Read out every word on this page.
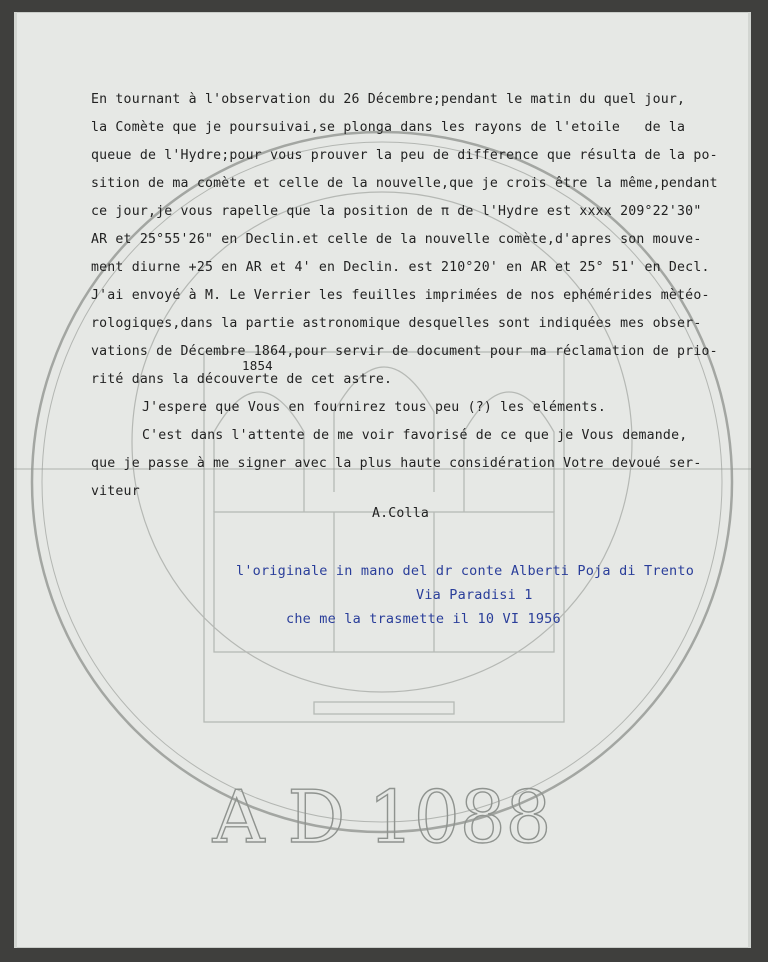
A D 1088
En tournant à l'observation du 26 Décembre;pendant le matin du quel jour,
la Comète que je poursuivai,se plonga dans les rayons de l'etoile   de la
queue de l'Hydre;pour vous prouver la peu de difference que résulta de la po-
sition de ma comète et celle de la nouvelle,que je crois être la même,pendant
ce jour,je vous rapelle que la position de π de l'Hydre est xxxx 209°22'30"
AR et 25°55'26" en Declin.et celle de la nouvelle comète,d'apres son mouve-
ment diurne +25 en AR et 4' en Declin. est 210°20' en AR et 25° 51' en Decl.
J'ai envoyé à M. Le Verrier les feuilles imprimées de nos ephémérides mètéo-
rologiques,dans la partie astronomique desquelles sont indiquées mes obser-
vations de Décembre 1864,pour servir de document pour ma réclamation de prio-
1854
rité dans la découverte de cet astre.
J'espere que Vous en fournirez tous peu (?) les eléments.
C'est dans l'attente de me voir favorisé de ce que je Vous demande,
que je passe à me signer avec la plus haute considération Votre devoué ser-
viteur
A.Colla
l'originale in mano del dr conte Alberti Poja di Trento
Via Paradisi 1
che me la trasmette il 10 VI 1956
